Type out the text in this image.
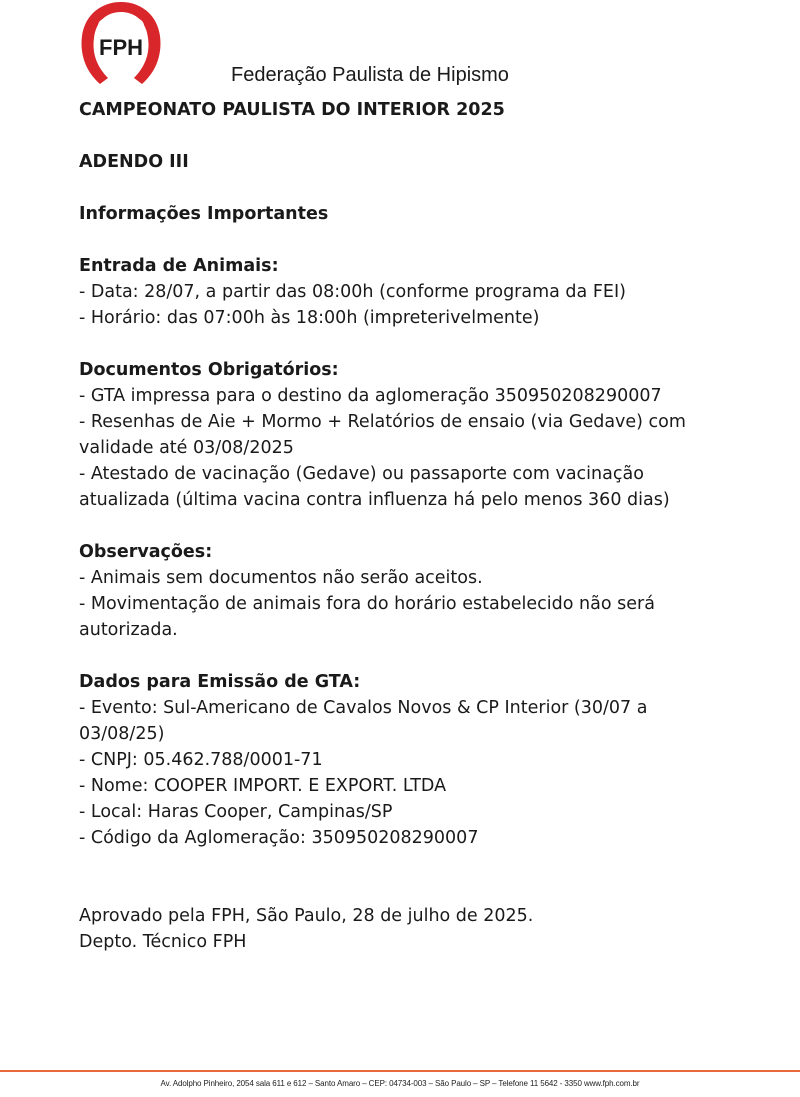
FPH
Federação Paulista de Hipismo

CAMPEONATO PAULISTA DO INTERIOR 2025

ADENDO III

Informações Importantes

Entrada de Animais:

- Data: 28/07, a partir das 08:00h (conforme programa da FEI)

- Horário: das 07:00h às 18:00h (impreterivelmente)

Documentos Obrigatórios:

- GTA impressa para o destino da aglomeração 350950208290007

- Resenhas de Aie + Mormo + Relatórios de ensaio (via Gedave) com validade até 03/08/2025

- Atestado de vacinação (Gedave) ou passaporte com vacinação atualizada (última vacina contra influenza há pelo menos 360 dias)

Observações:

- Animais sem documentos não serão aceitos.

- Movimentação de animais fora do horário estabelecido não será autorizada.

Dados para Emissão de GTA:

- Evento: Sul-Americano de Cavalos Novos & CP Interior (30/07 a 03/08/25)

- CNPJ: 05.462.788/0001-71

- Nome: COOPER IMPORT. E EXPORT. LTDA

- Local: Haras Cooper, Campinas/SP

- Código da Aglomeração: 350950208290007

Aprovado pela FPH, São Paulo, 28 de julho de 2025.

Depto. Técnico FPH

Av. Adolpho Pinheiro, 2054 sala 611 e 612 – Santo Amaro – CEP: 04734-003 – São Paulo – SP – Telefone 11 5642 - 3350 www.fph.com.br
